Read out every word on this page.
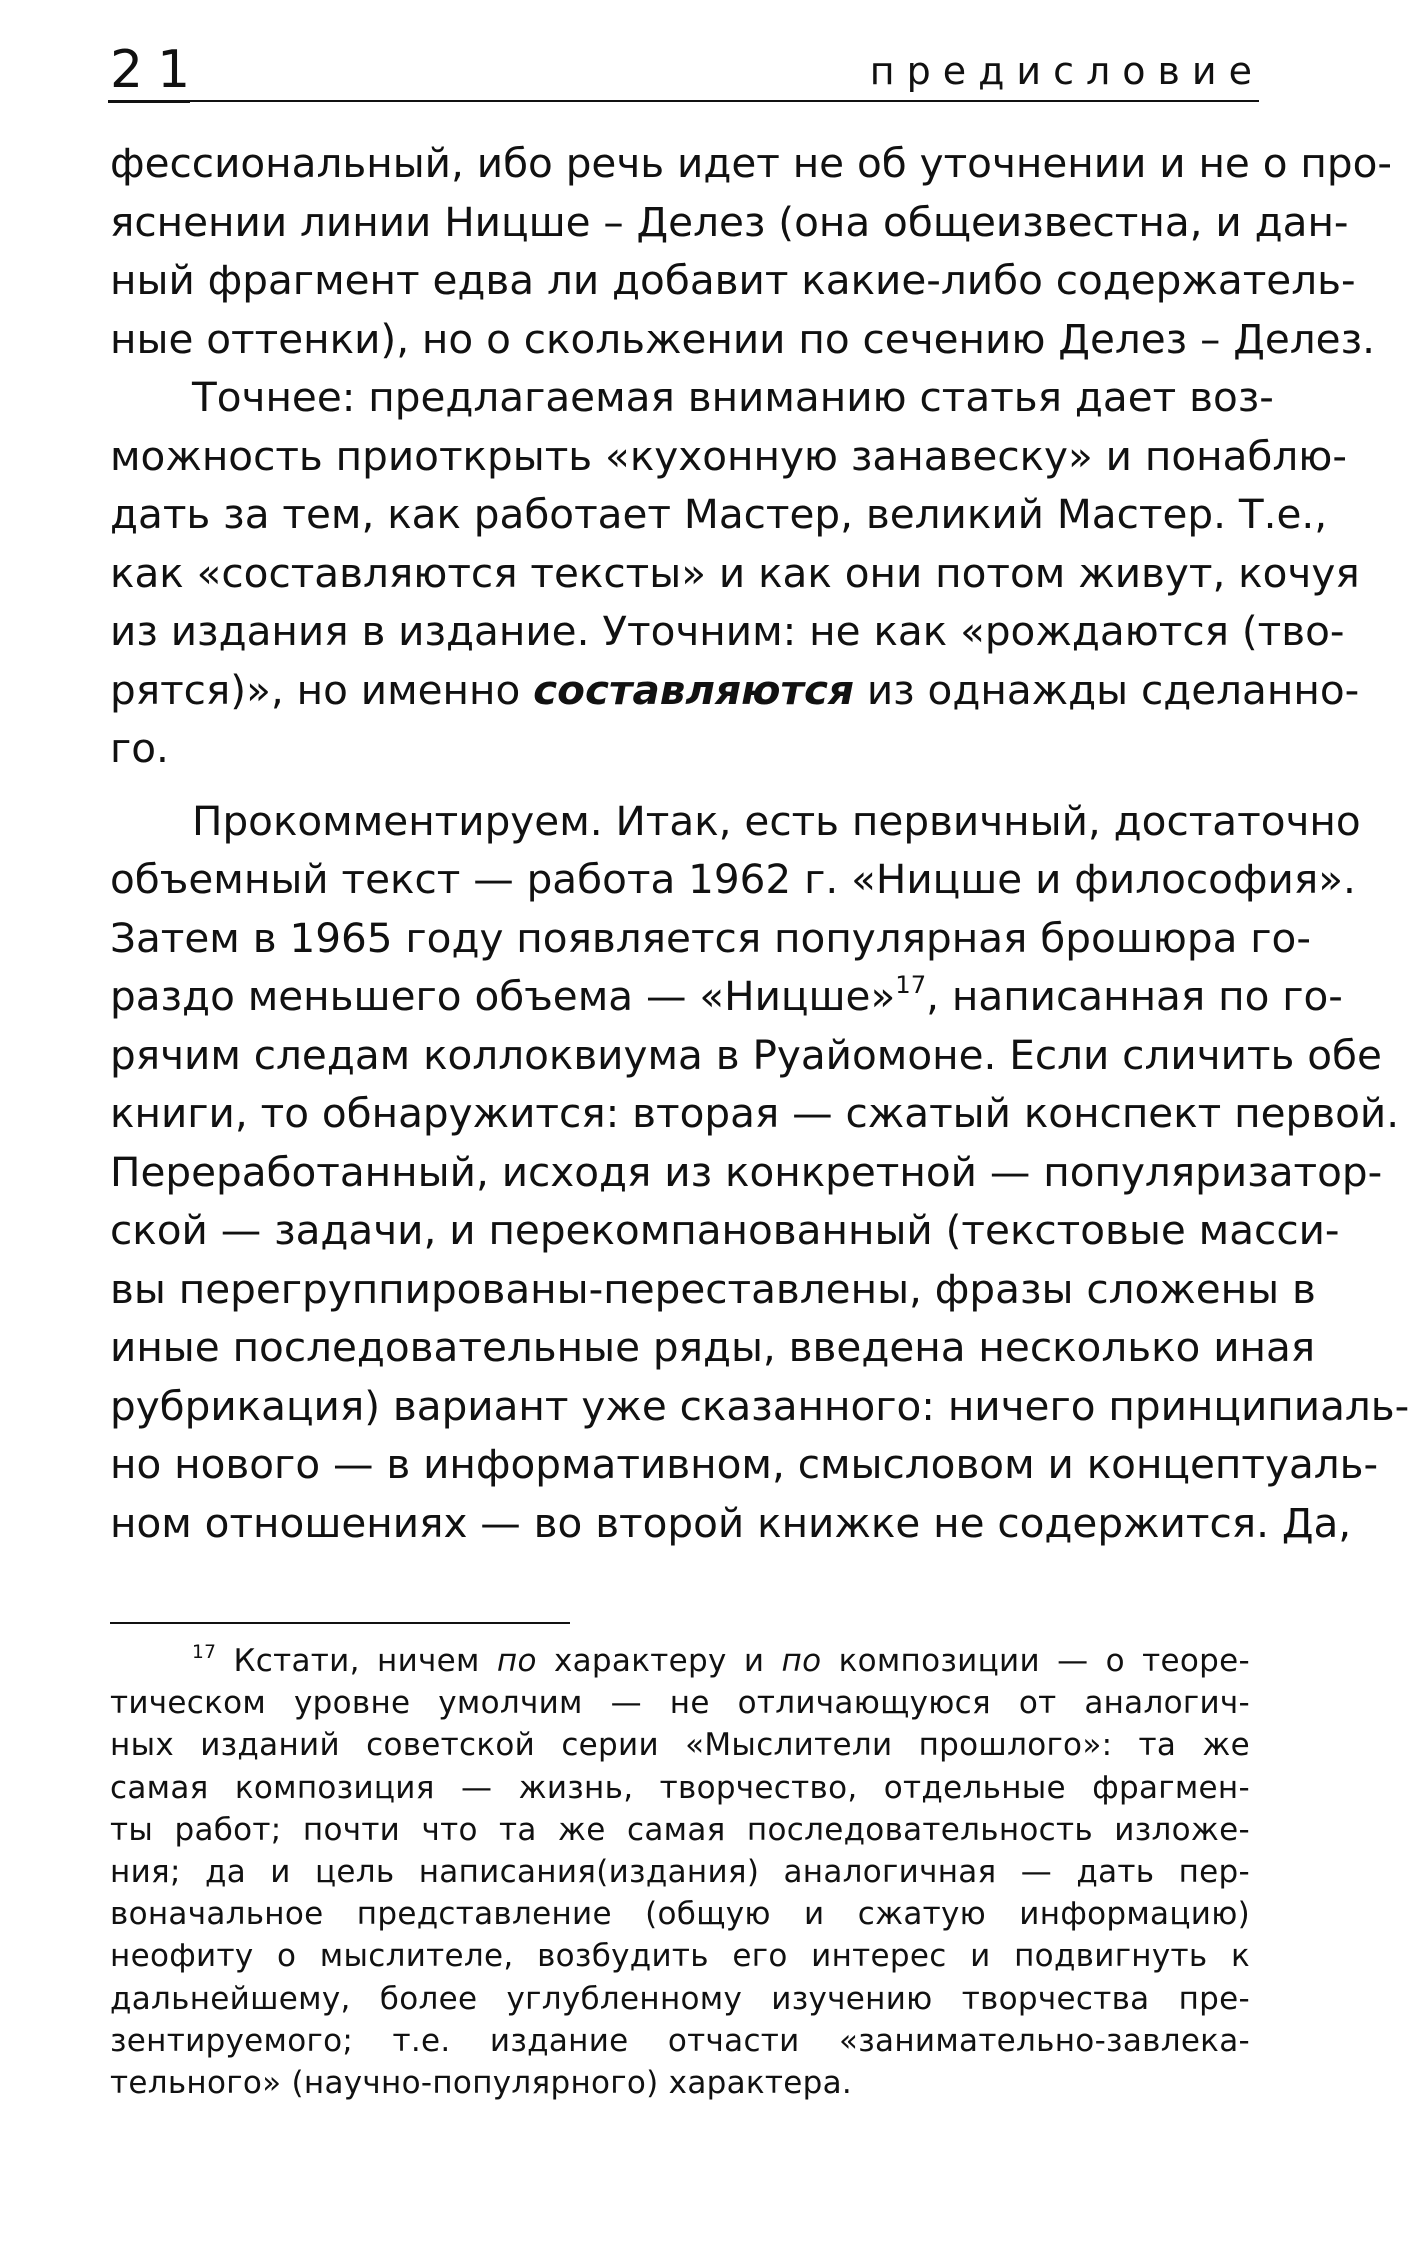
21	предисловие
фессиональный, ибо речь идет не об уточнении и не о про-
яснении линии Ницше – Делез (она общеизвестна, и дан-
ный фрагмент едва ли добавит какие-либо содержатель-
ные оттенки), но о скольжении по сечению Делез – Делез.
Точнее: предлагаемая вниманию статья дает воз-
можность приоткрыть «кухонную занавеску» и понаблю-
дать за тем, как работает Мастер, великий Мастер. Т.е.,
как «составляются тексты» и как они потом живут, кочуя
из издания в издание. Уточним: не как «рождаются (тво-
рятся)», но именно составляются из однажды сделанно-
го.
Прокомментируем. Итак, есть первичный, достаточно
объемный текст — работа 1962 г. «Ницше и философия».
Затем в 1965 году появляется популярная брошюра го-
раздо меньшего объема — «Ницше»$^{17}$, написанная по го-
рячим следам коллоквиума в Руайомоне. Если сличить обе
книги, то обнаружится: вторая — сжатый конспект первой.
Переработанный, исходя из конкретной — популяризатор-
ской — задачи, и перекомпанованный (текстовые масси-
вы перегруппированы-переставлены, фразы сложены в
иные последовательные ряды, введена несколько иная
рубрикация) вариант уже сказанного: ничего принципиаль-
но нового — в информативном, смысловом и концептуаль-
ном отношениях — во второй книжке не содержится. Да,
$^{17}$ Кстати, ничем по характеру и по композиции — о теоре-
тическом уровне умолчим — не отличающуюся от аналогич-
ных изданий советской серии «Мыслители прошлого»: та же
самая композиция — жизнь, творчество, отдельные фрагмен-
ты работ; почти что та же самая последовательность изложе-
ния; да и цель написания(издания) аналогичная — дать пер-
воначальное представление (общую и сжатую информацию)
неофиту о мыслителе, возбудить его интерес и подвигнуть к
дальнейшему, более углубленному изучению творчества пре-
зентируемого; т.е. издание отчасти «занимательно-завлека-
тельного» (научно-популярного) характера.
